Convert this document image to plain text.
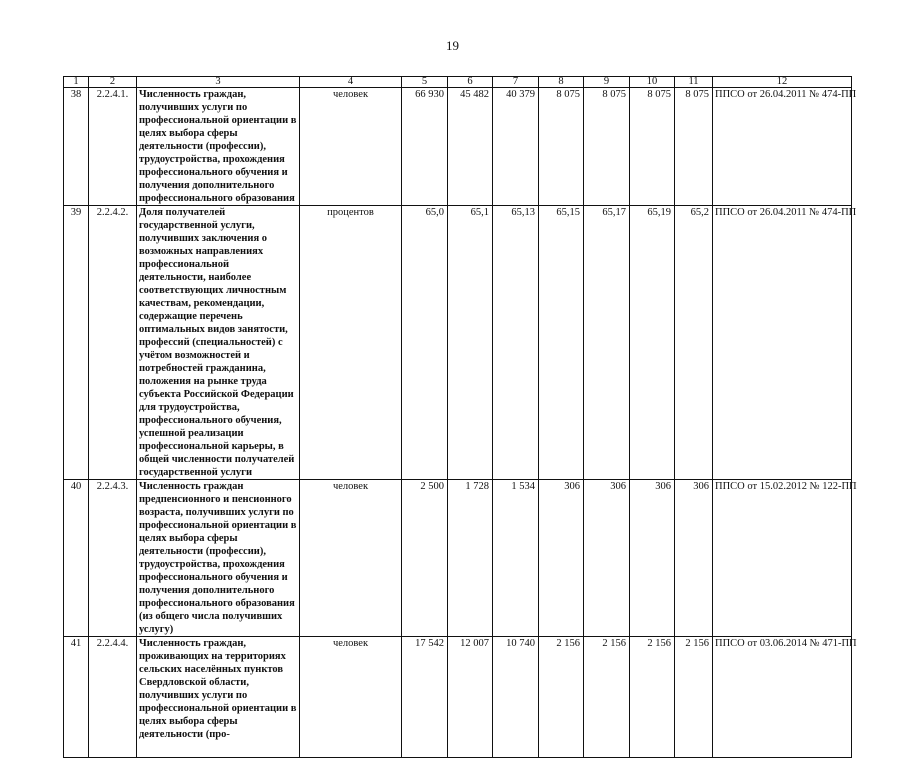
19
1	2	3	4	5	6	7	8	9	10	11	12
38	2.2.4.1.	Численность граждан, получивших услуги по профессиональной ориентации в целях выбора сферы деятельности (профессии), трудоустройства, прохождения профессионального обучения и получения дополнительного профессионального образования	человек	66 930	45 482	40 379	8 075	8 075	8 075	8 075	ППСО от 26.04.2011 № 474-ПП
39	2.2.4.2.	Доля получателей государственной услуги, получивших заключения о возможных направлениях профессиональной деятельности, наиболее соответствующих личностным качествам, рекомендации, содержащие перечень оптимальных видов занятости, профессий (специальностей) с учётом возможностей и потребностей гражданина, положения на рынке труда субъекта Российской Федерации для трудоустройства, профессионального обучения, успешной реализации профессиональной карьеры, в общей численности получателей государственной услуги	процентов	65,0	65,1	65,13	65,15	65,17	65,19	65,2	ППСО от 26.04.2011 № 474-ПП
40	2.2.4.3.	Численность граждан предпенсионного и пенсионного возраста, получивших услуги по профессиональной ориентации в целях выбора сферы деятельности (профессии), трудоустройства, прохождения профессионального обучения и получения дополнительного профессионального образования (из общего числа получивших услугу)	человек	2 500	1 728	1 534	306	306	306	306	ППСО от 15.02.2012 № 122-ПП
41	2.2.4.4.	Численность граждан, проживающих на территориях сельских населённых пунктов Свердловской области, получивших услуги по профессиональной ориентации в целях выбора сферы деятельности (про-	человек	17 542	12 007	10 740	2 156	2 156	2 156	2 156	ППСО от 03.06.2014 № 471-ПП
